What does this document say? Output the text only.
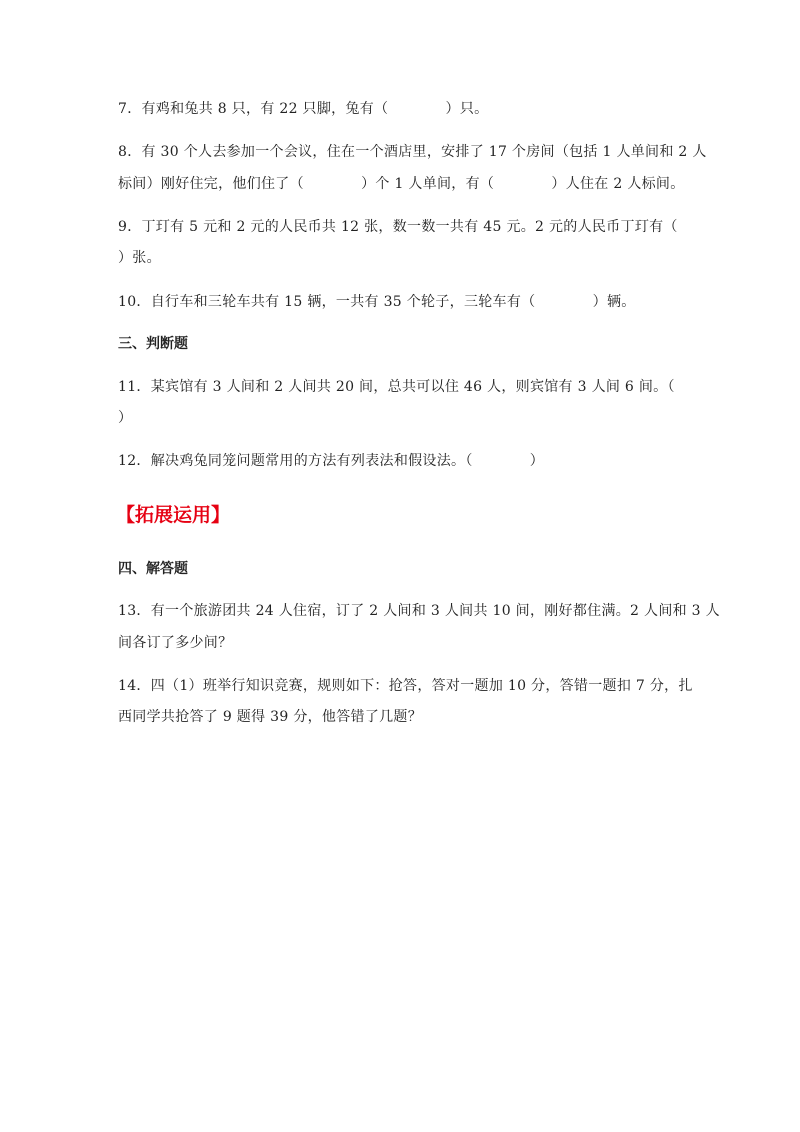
7．有鸡和兔共 8 只，有 22 只脚，兔有（　　　　）只。
8．有 30 个人去参加一个会议，住在一个酒店里，安排了 17 个房间（包括 1 人单间和 2 人
标间）刚好住完，他们住了（　　　　）个 1 人单间，有（　　　　）人住在 2 人标间。
9．丁玎有 5 元和 2 元的人民币共 12 张，数一数一共有 45 元。2 元的人民币丁玎有（
）张。
10．自行车和三轮车共有 15 辆，一共有 35 个轮子，三轮车有（　　　　）辆。
三、判断题
11．某宾馆有 3 人间和 2 人间共 20 间，总共可以住 46 人，则宾馆有 3 人间 6 间。（
）
12．解决鸡兔同笼问题常用的方法有列表法和假设法。（　　　　）
【拓展运用】
四、解答题
13．有一个旅游团共 24 人住宿，订了 2 人间和 3 人间共 10 间，刚好都住满。2 人间和 3 人
间各订了多少间？
14．四（1）班举行知识竞赛，规则如下：抢答，答对一题加 10 分，答错一题扣 7 分，扎
西同学共抢答了 9 题得 39 分，他答错了几题？
